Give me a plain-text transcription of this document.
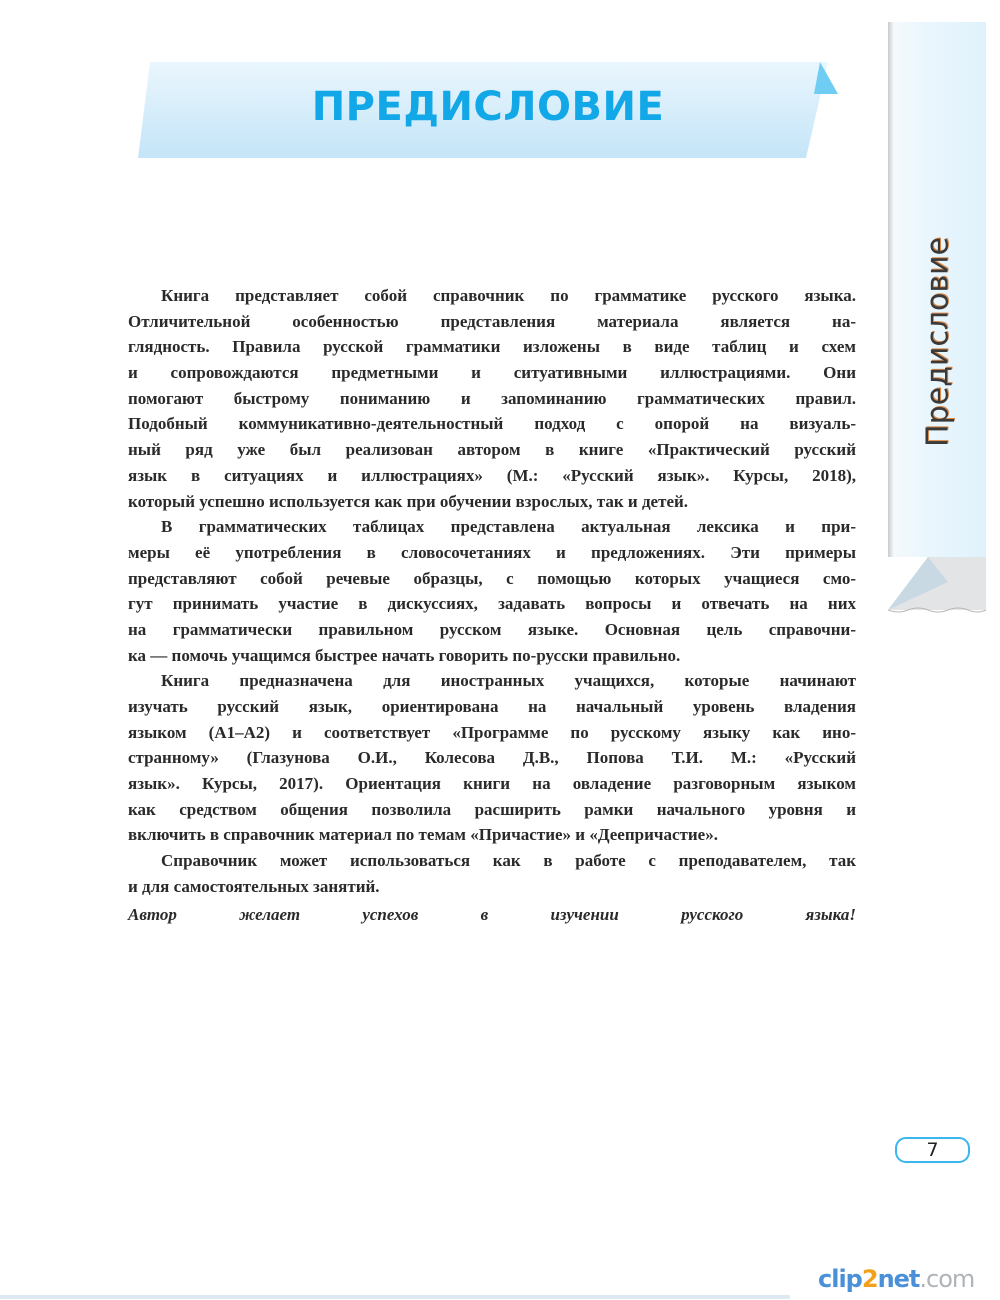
ПРЕДИСЛОВИЕ
Предисловие
Книга представляет собой справочник по грамматике русского языка.
Отличительной особенностью представления материала является на-
глядность. Правила русской грамматики изложены в виде таблиц и схем
и сопровождаются предметными и ситуативными иллюстрациями. Они
помогают быстрому пониманию и запоминанию грамматических правил.
Подобный коммуникативно-деятельностный подход с опорой на визуаль-
ный ряд уже был реализован автором в книге «Практический русский
язык в ситуациях и иллюстрациях» (М.: «Русский язык». Курсы, 2018),
который успешно используется как при обучении взрослых, так и детей.
В грамматических таблицах представлена актуальная лексика и при-
меры её употребления в словосочетаниях и предложениях. Эти примеры
представляют собой речевые образцы, с помощью которых учащиеся смо-
гут принимать участие в дискуссиях, задавать вопросы и отвечать на них
на грамматически правильном русском языке. Основная цель справочни-
ка — помочь учащимся быстрее начать говорить по-русски правильно.
Книга предназначена для иностранных учащихся, которые начинают
изучать русский язык, ориентирована на начальный уровень владения
языком (А1–А2) и соответствует «Программе по русскому языку как ино-
странному» (Глазунова О.И., Колесова Д.В., Попова Т.И. М.: «Русский
язык». Курсы, 2017). Ориентация книги на овладение разговорным языком
как средством общения позволила расширить рамки начального уровня и
включить в справочник материал по темам «Причастие» и «Деепричастие».
Справочник может использоваться как в работе с преподавателем, так
и для самостоятельных занятий.
Автор желает успехов в изучении русского языка!
7
clip2net.com
